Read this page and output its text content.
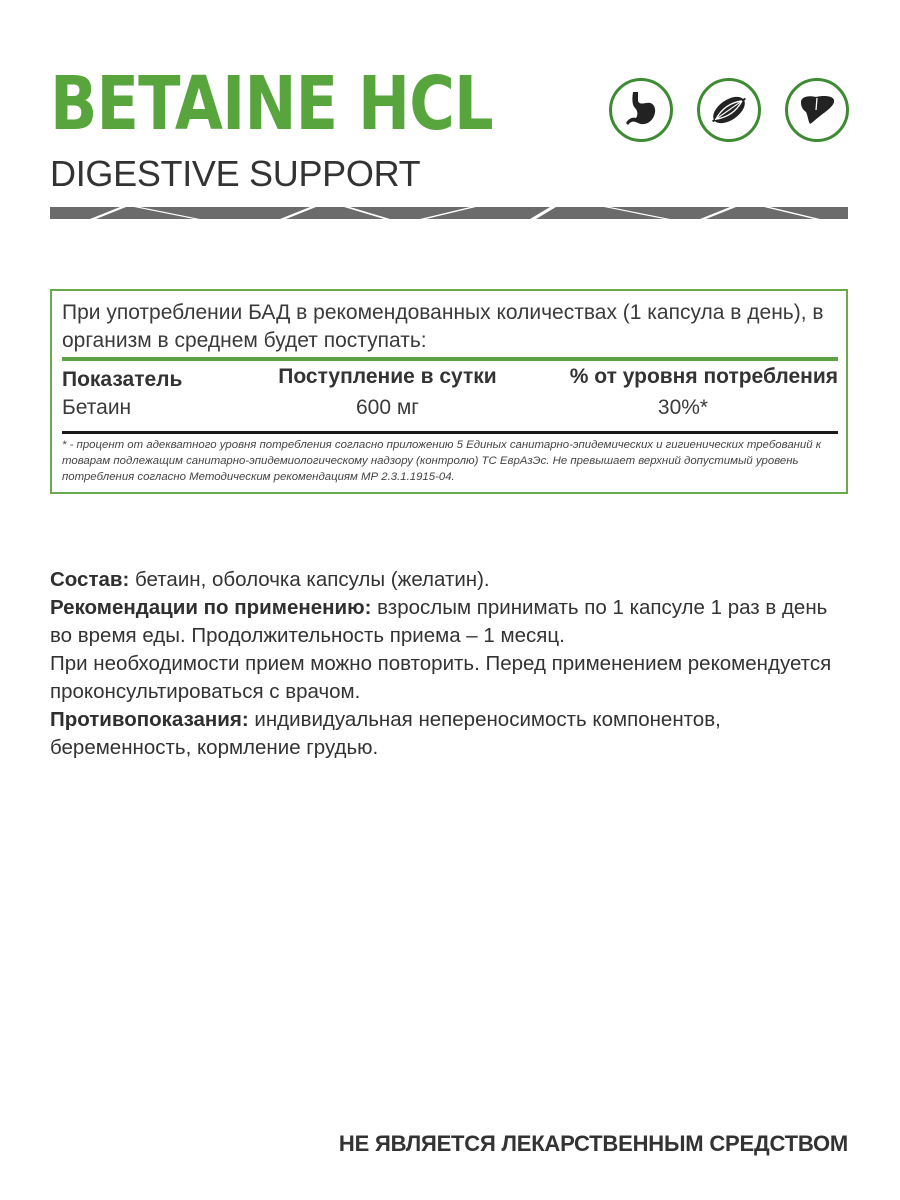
BETAINE HCL
DIGESTIVE SUPPORT

При употреблении БАД в рекомендованных количествах (1 капсула в день), в организм в среднем будет поступать:

Показатель	Поступление в сутки	% от уровня потребления
Бетаин	600 мг	30%*

* - процент от адекватного уровня потребления согласно приложению 5 Единых санитарно-эпидемических и гигиенических требований к товарам подлежащим санитарно-эпидемиологическому надзору (контролю) ТС ЕврАзЭс. Не превышает верхний допустимый уровень потребления согласно Методическим рекомендациям МР 2.3.1.1915-04.

Состав: бетаин, оболочка капсулы (желатин).

Рекомендации по применению: взрослым принимать по 1 капсуле 1 раз в день во время еды. Продолжительность приема – 1 месяц.

При необходимости прием можно повторить. Перед применением рекомендуется проконсультироваться с врачом.

Противопоказания: индивидуальная непереносимость компонентов, беременность, кормление грудью.

НЕ ЯВЛЯЕТСЯ ЛЕКАРСТВЕННЫМ СРЕДСТВОМ
